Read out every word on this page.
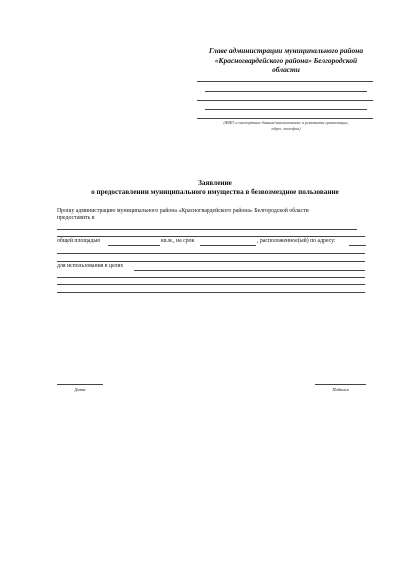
Главе администрации муниципального района
«Красногвардейского района» Белгородской
области
(ФИО и паспортные данные/наименование и реквизиты организации,
адрес, телефон)
Заявление
о предоставлении муниципального имущества в безвозмездное пользование
Прошу администрацию муниципального района «Красногвардейского района» Белгородской области
предоставить в
общей площадью	кв.м., на срок	, расположенное(ый) по адресу:
для использования в целях
Дата	Подпись
